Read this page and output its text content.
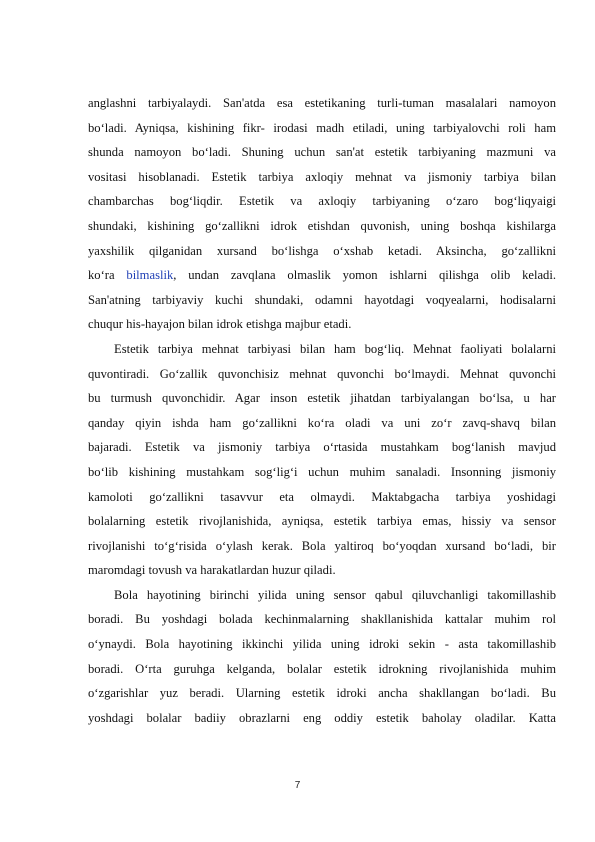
anglashni tarbiyalaydi. San'atda esa estetikaning turli-tuman masalalari namoyon
bo‘ladi. Ayniqsa, kishining fikr- irodasi madh etiladi, uning tarbiyalovchi roli ham
shunda namoyon bo‘ladi. Shuning uchun san'at estetik tarbiyaning mazmuni va
vositasi hisoblanadi. Estetik tarbiya axloqiy mehnat va jismoniy tarbiya bilan
chambarchas bog‘liqdir. Estetik va axloqiy tarbiyaning o‘zaro bog‘liqyaigi
shundaki, kishining go‘zallikni idrok etishdan quvonish, uning boshqa kishilarga
yaxshilik qilganidan xursand bo‘lishga o‘xshab ketadi. Aksincha, go‘zallikni
ko‘ra bilmaslik, undan zavqlana olmaslik yomon ishlarni qilishga olib keladi.
San'atning tarbiyaviy kuchi shundaki, odamni hayotdagi voqyealarni, hodisalarni
chuqur his-hayajon bilan idrok etishga majbur etadi.
Estetik tarbiya mehnat tarbiyasi bilan ham bog‘liq. Mehnat faoliyati bolalarni
quvontiradi. Go‘zallik quvonchisiz mehnat quvonchi bo‘lmaydi. Mehnat quvonchi
bu turmush quvonchidir. Agar inson estetik jihatdan tarbiyalangan bo‘lsa, u har
qanday qiyin ishda ham go‘zallikni ko‘ra oladi va uni zo‘r zavq-shavq bilan
bajaradi. Estetik va jismoniy tarbiya o‘rtasida mustahkam bog‘lanish mavjud
bo‘lib kishining mustahkam sog‘lig‘i uchun muhim sanaladi. Insonning jismoniy
kamoloti go‘zallikni tasavvur eta olmaydi. Maktabgacha tarbiya yoshidagi
bolalarning estetik rivojlanishida, ayniqsa, estetik tarbiya emas, hissiy va sensor
rivojlanishi to‘g‘risida o‘ylash kerak. Bola yaltiroq bo‘yoqdan xursand bo‘ladi, bir
maromdagi tovush va harakatlardan huzur qiladi.
Bola hayotining birinchi yilida uning sensor qabul qiluvchanligi takomillashib
boradi. Bu yoshdagi bolada kechinmalarning shakllanishida kattalar muhim rol
o‘ynaydi. Bola hayotining ikkinchi yilida uning idroki sekin - asta takomillashib
boradi. O‘rta guruhga kelganda, bolalar estetik idrokning rivojlanishida muhim
o‘zgarishlar yuz beradi. Ularning estetik idroki ancha shakllangan bo‘ladi. Bu
yoshdagi bolalar badiiy obrazlarni eng oddiy estetik baholay oladilar. Katta
7
